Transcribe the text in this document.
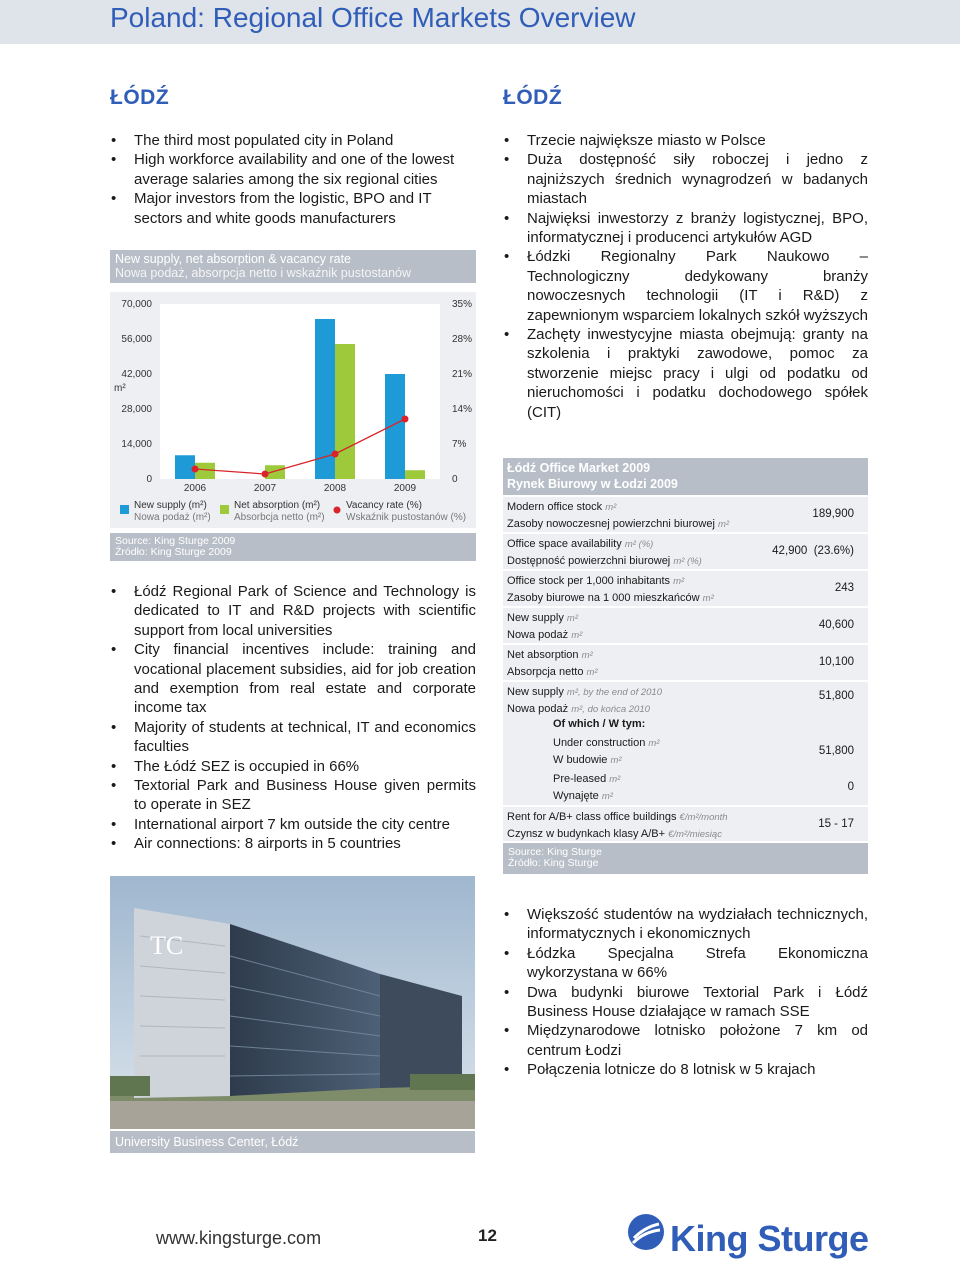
Poland: Regional Office Markets Overview
ŁÓDŹ
• The third most populated city in Poland
• High workforce availability and one of the lowest average salaries among the six regional cities
• Major investors from the logistic, BPO and IT sectors and white goods manufacturers
New supply, net absorption & vacancy rate
Nowa podaż, absorpcja netto i wskaźnik pustostanów
0
14,000
28,000
42,000
56,000
70,000
0
7%
14%
21%
28%
35%
m²
2006	2007	2008	2009
New supply (m²)
Nowa podaż (m²)
Net absorption (m²)
Absorbcja netto (m²)
Vacancy rate (%)
Wskaźnik pustostanów (%)
Source: King Sturge 2009
Źródło: King Sturge 2009
• Łódź Regional Park of Science and Technology is dedicated to IT and R&D projects with scientific support from local universities
• City financial incentives include: training and vocational placement subsidies, aid for job creation and exemption from real estate and corporate income tax
• Majority of students at technical, IT and economics faculties
• The Łódź SEZ is occupied in 66%
• Textorial Park and Business House given permits to operate in SEZ
• International airport 7 km outside the city centre
• Air connections: 8 airports in 5 countries
TC
University Business Center, Łódź
ŁÓDŹ
• Trzecie największe miasto w Polsce
• Duża dostępność siły roboczej i jedno z najniższych średnich wynagrodzeń w badanych miastach
• Najwięksi inwestorzy z branży logistycznej, BPO, informatycznej i producenci artykułów AGD
• Łódzki Regionalny Park Naukowo – Technologiczny dedykowany branży nowoczesnych technologii (IT i R&D) z zapewnionym wsparciem lokalnych szkół wyższych
• Zachęty inwestycyjne miasta obejmują: granty na szkolenia i praktyki zawodowe, pomoc za stworzenie miejsc pracy i ulgi od podatku od nieruchomości i podatku dochodowego spółek (CIT)
Łódź Office Market 2009
Rynek Biurowy w Łodzi 2009
Modern office stock m²
Zasoby nowoczesnej powierzchni biurowej m²
189,900
Office space availability m² (%)
Dostępność powierzchni biurowej m² (%)
42,900  (23.6%)
Office stock per 1,000 inhabitants m²
Zasoby biurowe na 1 000 mieszkańców m²
243
New supply m²
Nowa podaż m²
40,600
Net absorption m²
Absorpcja netto m²
10,100
New supply m², by the end of 2010
Nowa podaż m², do końca 2010
51,800
Of which / W tym:
Under construction m²
W budowie m²
51,800
Pre-leased m²
Wynajęte m²
0
Rent for A/B+ class office buildings €/m²/month
Czynsz w budynkach klasy A/B+ €/m²/miesiąc
15 - 17
Source: King Sturge
Źródło: King Sturge
• Większość studentów na wydziałach technicznych, informatycznych i ekonomicznych
• Łódzka Specjalna Strefa Ekonomiczna wykorzystana w 66%
• Dwa budynki biurowe Textorial Park i Łódź Business House działające w ramach SSE
• Międzynarodowe lotnisko położone 7 km od centrum Łodzi
• Połączenia lotnicze do 8 lotnisk w 5 krajach
www.kingsturge.com	12	King Sturge
